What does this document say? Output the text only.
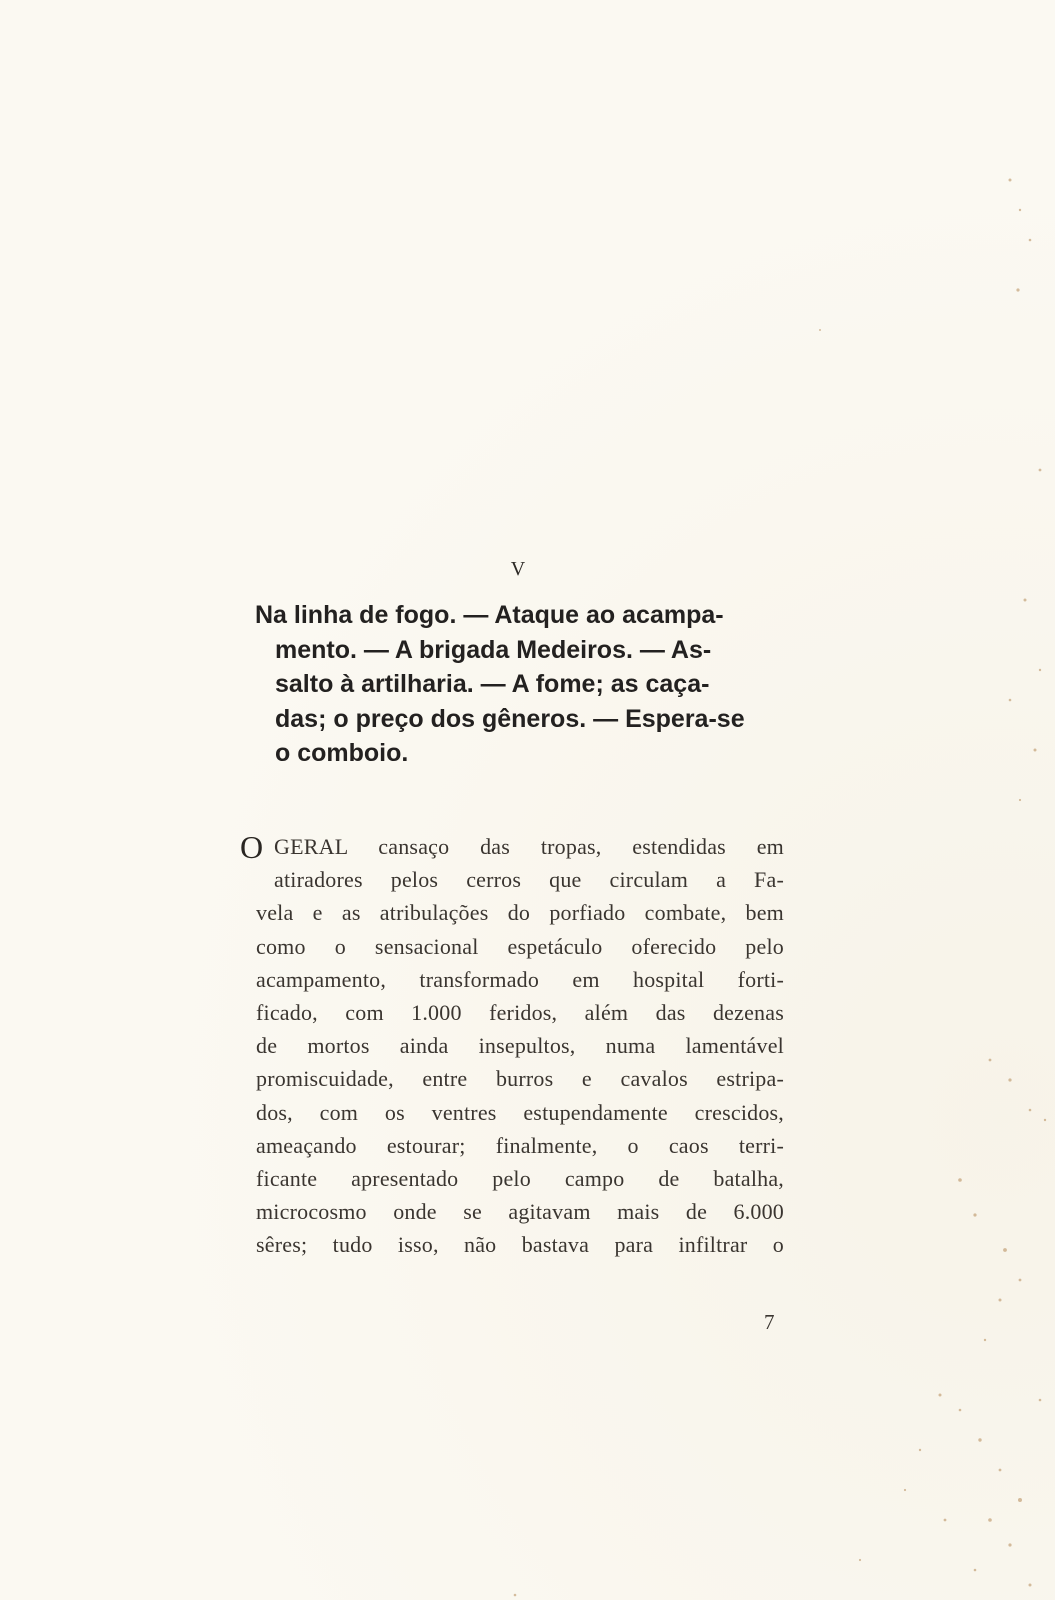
V
Na linha de fogo. — Ataque ao acampa-
mento. — A brigada Medeiros. — As-
salto à artilharia. — A fome; as caça-
das; o preço dos gêneros. — Espera-se
o comboio.
O GERAL cansaço das tropas, estendidas em
atiradores pelos cerros que circulam a Fa-
vela e as atribulações do porfiado combate, bem
como o sensacional espetáculo oferecido pelo
acampamento, transformado em hospital forti-
ficado, com 1.000 feridos, além das dezenas
de mortos ainda insepultos, numa lamentável
promiscuidade, entre burros e cavalos estripa-
dos, com os ventres estupendamente crescidos,
ameaçando estourar; finalmente, o caos terri-
ficante apresentado pelo campo de batalha,
microcosmo onde se agitavam mais de 6.000
sêres; tudo isso, não bastava para infiltrar o
7
